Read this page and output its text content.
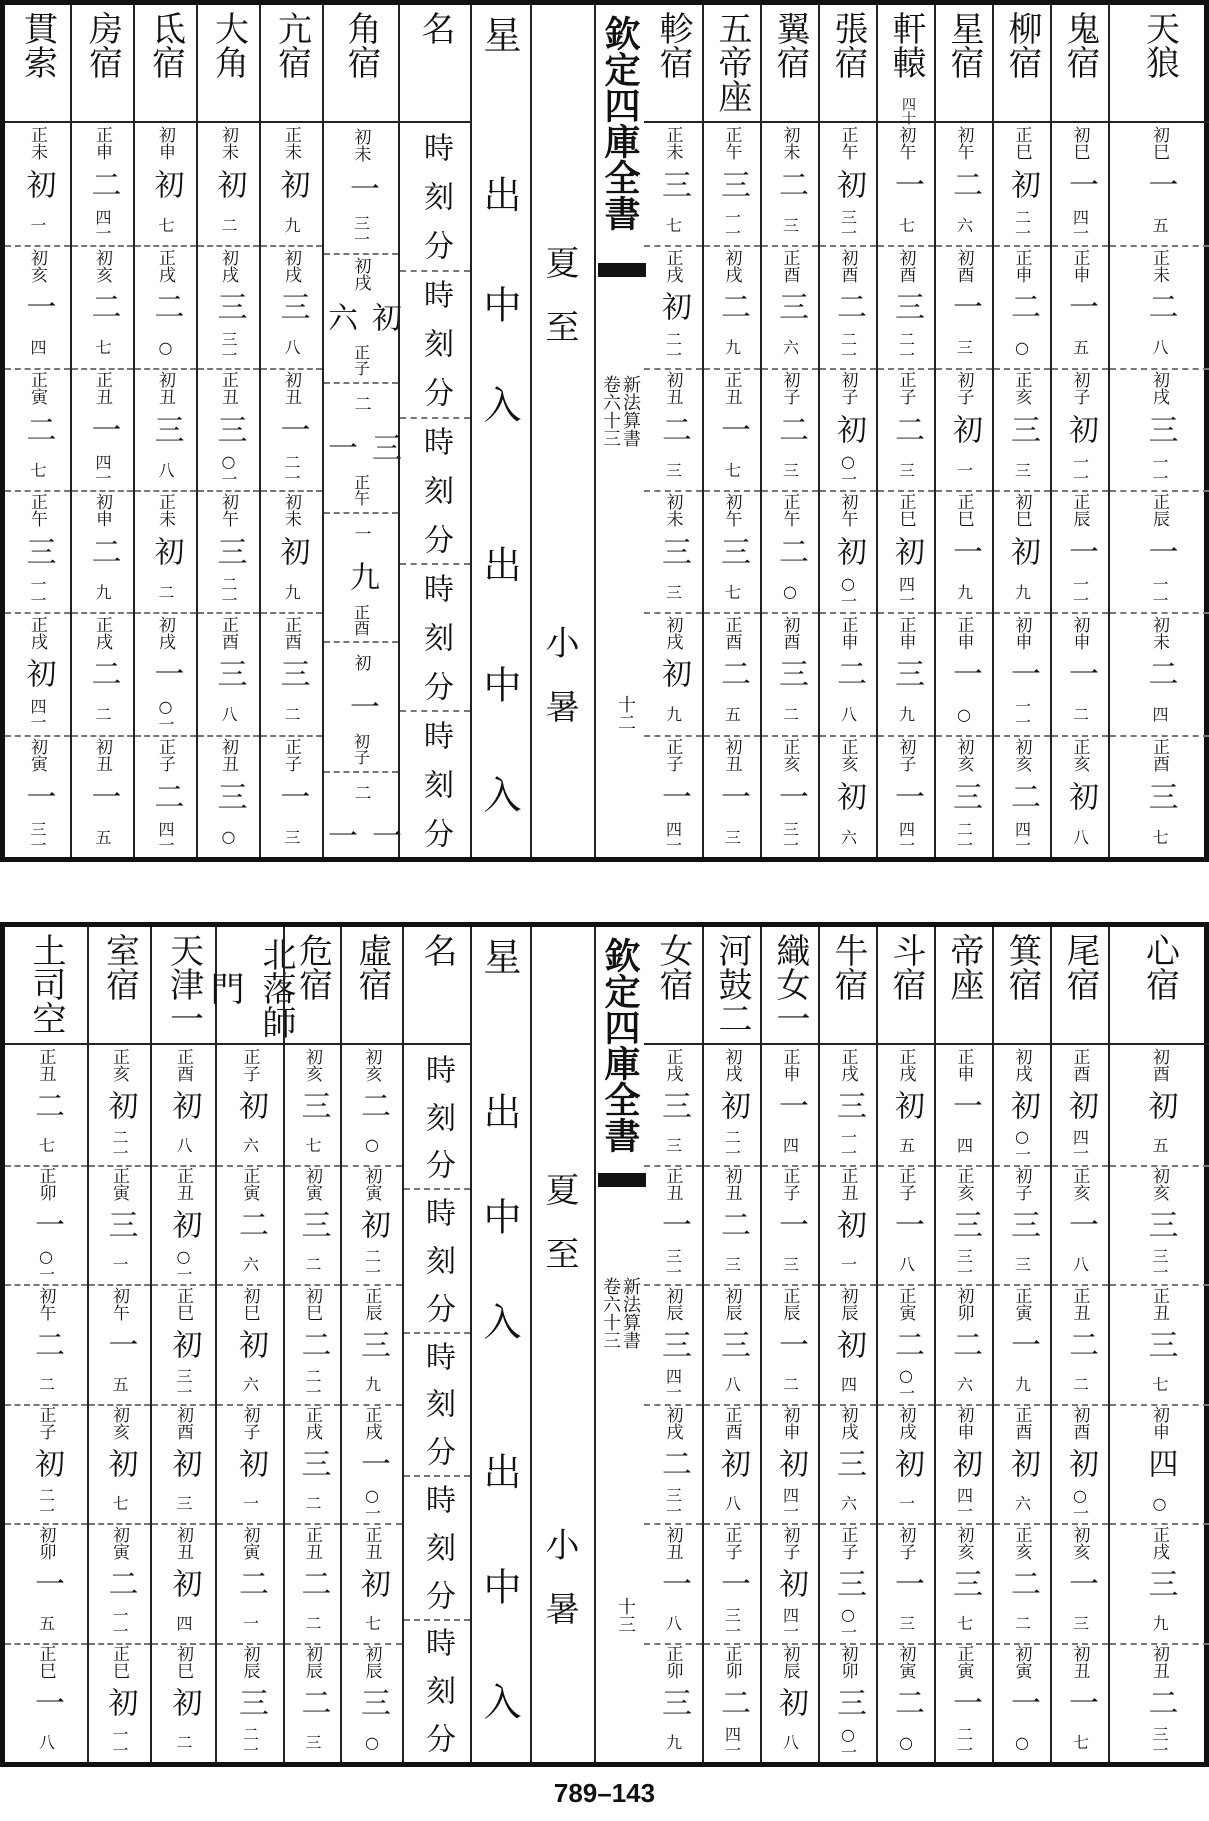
貫索
正未
初
一
初亥
一
四
正寅
二
七
正午
三
一一
正戌
初
四一
初寅
一
三一
房宿
正申
二
四一
初亥
二
七
正丑
一
四一
初申
二
九
正戌
二
二
初丑
一
五
氐宿
初申
初
七
正戌
二
○
初丑
三
八
正未
初
二
初戌
一
○一
正子
二
四一
大角
初未
初
二
初戌
三
三一
正丑
三
○一
初午
三
二一
正酉
三
八
初丑
三
○
亢宿
正未
初
九
初戌
三
八
初丑
一
二一
初未
初
九
正酉
三
二
正子
一
三
角宿
初未
一
三一
初戌
初六
正子
二
三一
正午
一
九
正酉
初
一
初子
二
一一
名
時
刻
分
時
刻
分
時
刻
分
時
刻
分
時
刻
分
星
出
中
入
出
中
入
夏至
小暑
欽定四庫全書
新法算書
卷六十三
十二
軫宿
正未
三
七
正戌
初
二一
初丑
二
三
初未
三
三
初戌
初
九
正子
一
四一
五帝座
正午
三
一一
初戌
二
九
正丑
一
七
初午
三
七
正酉
二
五
初丑
一
三
翼宿
初未
二
三
正酉
三
六
初子
二
三
正午
二
○
初酉
三
二
正亥
一
三一
張宿
正午
初
三一
初酉
二
二一
初子
初
○一
初午
初
○一
正申
二
八
正亥
初
六
軒轅
四十
初午
一
七
初酉
三
二一
正子
二
三
正巳
初
四一
正申
三
九
初子
一
四一
星宿
初午
二
六
初酉
一
三
初子
初
一
正巳
一
九
正申
一
○
初亥
三
二一
柳宿
正巳
初
二一
正申
二
○
正亥
三
三
初巳
初
九
初申
一
一一
初亥
二
四一
鬼宿
初巳
一
四一
正申
一
五
初子
初
一一
正辰
一
一一
初申
一
二
正亥
初
八
天狼
初巳
一
五
正未
二
八
初戌
三
一一
正辰
一
一一
初未
二
四
正酉
三
七
土司空
正丑
二
七
正卯
一
○一
初午
二
二
正子
初
二一
初卯
一
五
正巳
一
八
室宿
正亥
初
二一
正寅
三
一
初午
一
五
初亥
初
七
初寅
二
一一
正巳
初
一一
天津一
正酉
初
八
正丑
初
○一
正巳
初
三一
初酉
初
三
初丑
初
四
初巳
初
二
北落師門
正子
初
六
正寅
二
六
初巳
初
六
初子
初
一
初寅
二
一
初辰
三
二一
危宿
初亥
三
七
初寅
三
二
初巳
二
二一
正戌
三
二
正丑
二
二
初辰
二
三
虛宿
初亥
二
○
初寅
初
二一
正辰
三
九
正戌
一
○一
正丑
初
七
初辰
三
○
名
時
刻
分
時
刻
分
時
刻
分
時
刻
分
時
刻
分
星
出
中
入
出
中
入
夏至
小暑
欽定四庫全書
新法算書
卷六十三
十三
女宿
正戌
三
三
正丑
一
三一
初辰
三
四一
初戌
二
三一
初丑
一
八
正卯
三
九
河鼓二
初戌
初
二一
初丑
二
三
初辰
三
八
正酉
初
八
正子
一
三一
正卯
二
四一
織女一
正申
一
四
正子
一
三
正辰
一
二
初申
初
四一
初子
初
四一
初辰
初
八
牛宿
正戌
三
一一
正丑
初
一
初辰
初
四
初戌
三
六
正子
三
○一
初卯
三
○一
斗宿
正戌
初
五
正子
一
八
正寅
二
○一
初戌
初
一
初子
一
三
初寅
二
○
帝座
正申
一
四
正亥
三
三一
初卯
二
六
初申
初
四一
初亥
三
七
正寅
一
二一
箕宿
初戌
初
○一
初子
三
三
正寅
一
九
正酉
初
六
正亥
二
二
初寅
一
○
尾宿
正酉
初
四一
正亥
一
八
正丑
二
二
初酉
初
○一
初亥
一
三
初丑
一
七
心宿
初酉
初
五
初亥
三
三一
正丑
三
七
初申
四
○
正戌
三
九
初丑
二
三一
789–143
